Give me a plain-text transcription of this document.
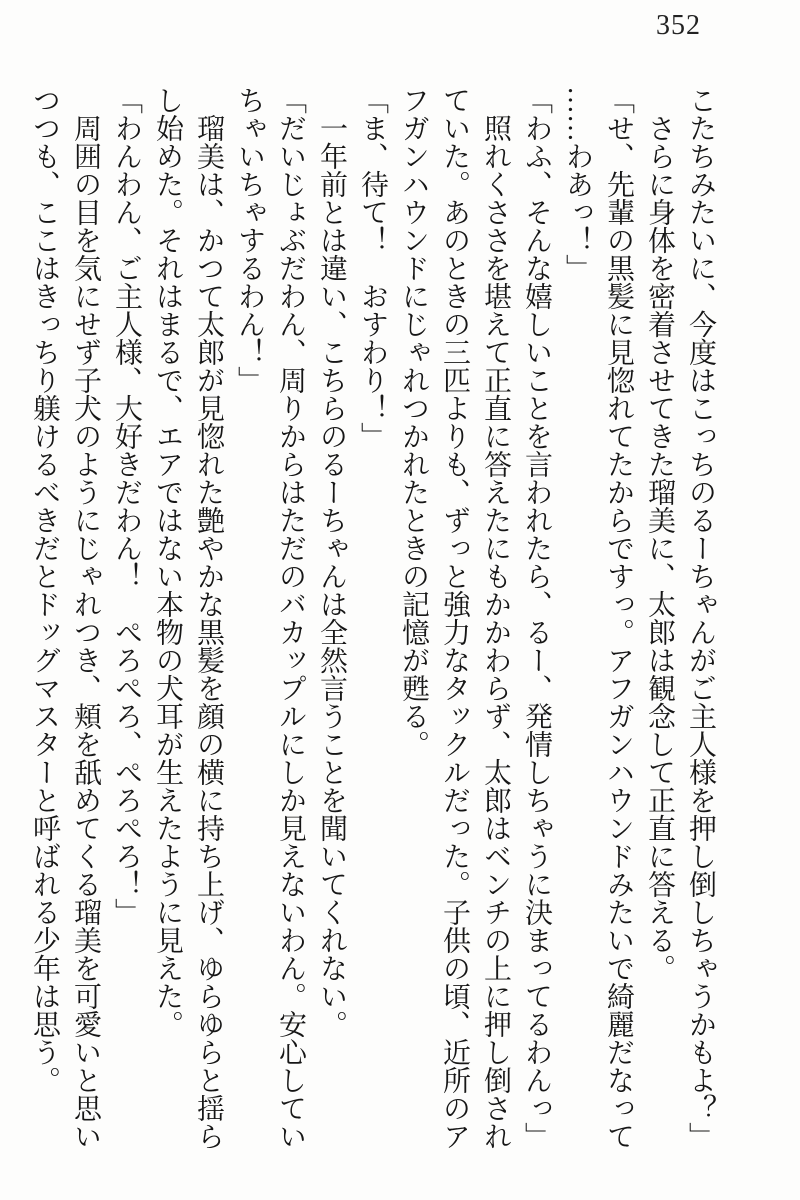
352
こたちみたいに、今度はこっちのるーちゃんがご主人様を押し倒しちゃうかもよ？」
さらに身体を密着させてきた瑠美に、太郎は観念して正直に答える。
「せ、先輩の黒髪に見惚れてたからですっ。アフガンハウンドみたいで綺麗だなって
……わあっ！」
「わふ、そんな嬉しいことを言われたら、るー、発情しちゃうに決まってるわんっ」
照れくささを堪えて正直に答えたにもかかわらず、太郎はベンチの上に押し倒され
ていた。あのときの三匹よりも、ずっと強力なタックルだった。子供の頃、近所のア
フガンハウンドにじゃれつかれたときの記憶が甦る。
「ま、待て！　おすわり！」
一年前とは違い、こちらのるーちゃんは全然言うことを聞いてくれない。
「だいじょぶだわん、周りからはただのバカップルにしか見えないわん。安心してい
ちゃいちゃするわん！」
瑠美は、かつて太郎が見惚れた艶やかな黒髪を顔の横に持ち上げ、ゆらゆらと揺ら
し始めた。それはまるで、エアではない本物の犬耳が生えたように見えた。
「わんわん、ご主人様、大好きだわん！　ぺろぺろ、ぺろぺろ！」
周囲の目を気にせず子犬のようにじゃれつき、頬を舐めてくる瑠美を可愛いと思い
つつも、ここはきっちり躾けるべきだとドッグマスターと呼ばれる少年は思う。
